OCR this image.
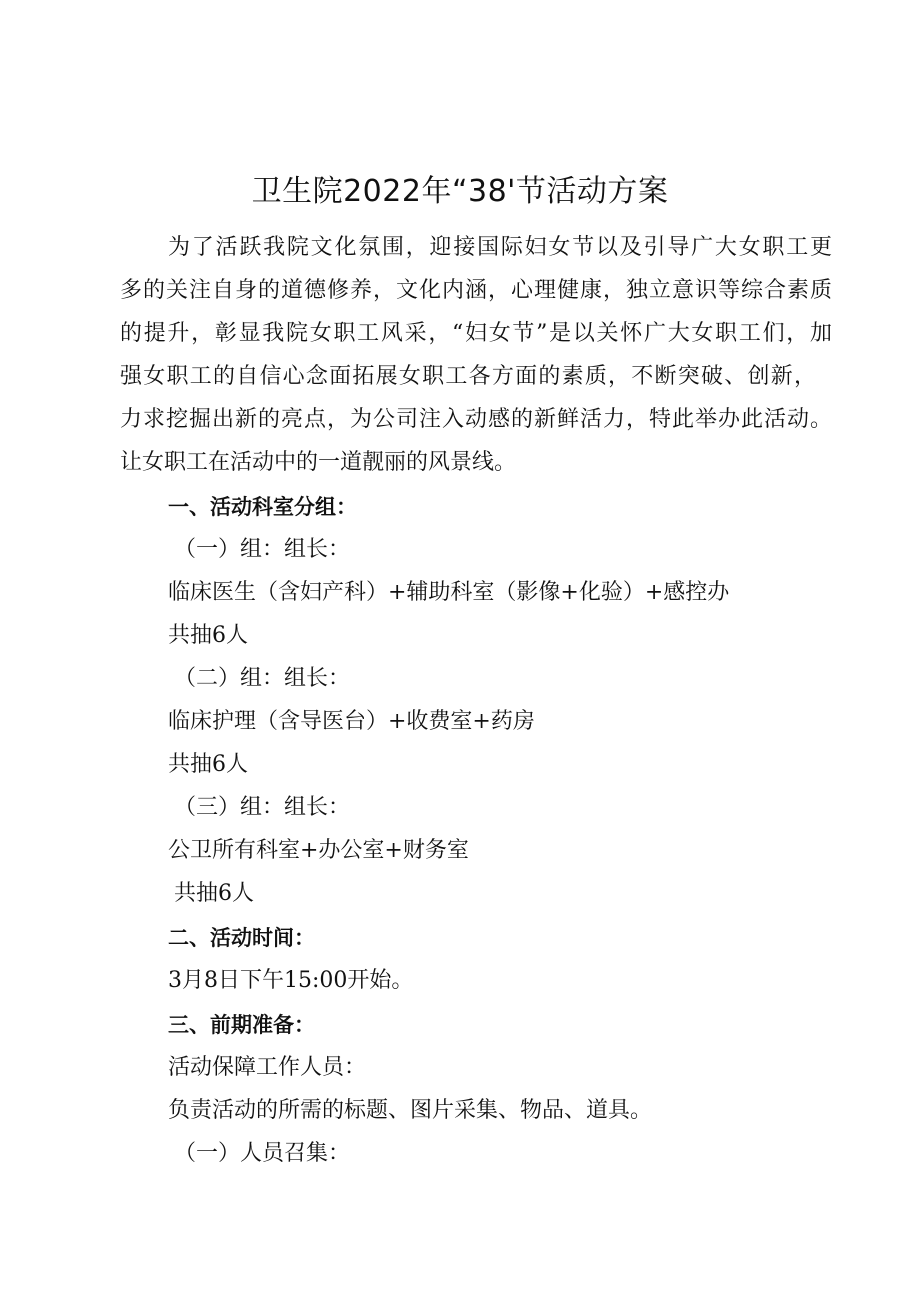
卫生院2022年“38'节活动方案
为了活跃我院文化氛围，迎接国际妇女节以及引导广大女职工更
多的关注自身的道德修养，文化内涵，心理健康，独立意识等综合素质
的提升，彰显我院女职工风采，“妇女节”是以关怀广大女职工们，加
强女职工的自信心念面拓展女职工各方面的素质，不断突破、创新，
力求挖掘出新的亮点，为公司注入动感的新鲜活力，特此举办此活动。
让女职工在活动中的一道靓丽的风景线。
一、活动科室分组：
（一）组：组长：
临床医生（含妇产科）+辅助科室（影像+化验）+感控办
共抽6人
（二）组：组长：
临床护理（含导医台）+收费室+药房
共抽6人
（三）组：组长：
公卫所有科室+办公室+财务室
共抽6人
二、活动时间：
3月8日下午15:00开始。
三、前期准备：
活动保障工作人员：
负责活动的所需的标题、图片采集、物品、道具。
（一）人员召集：
